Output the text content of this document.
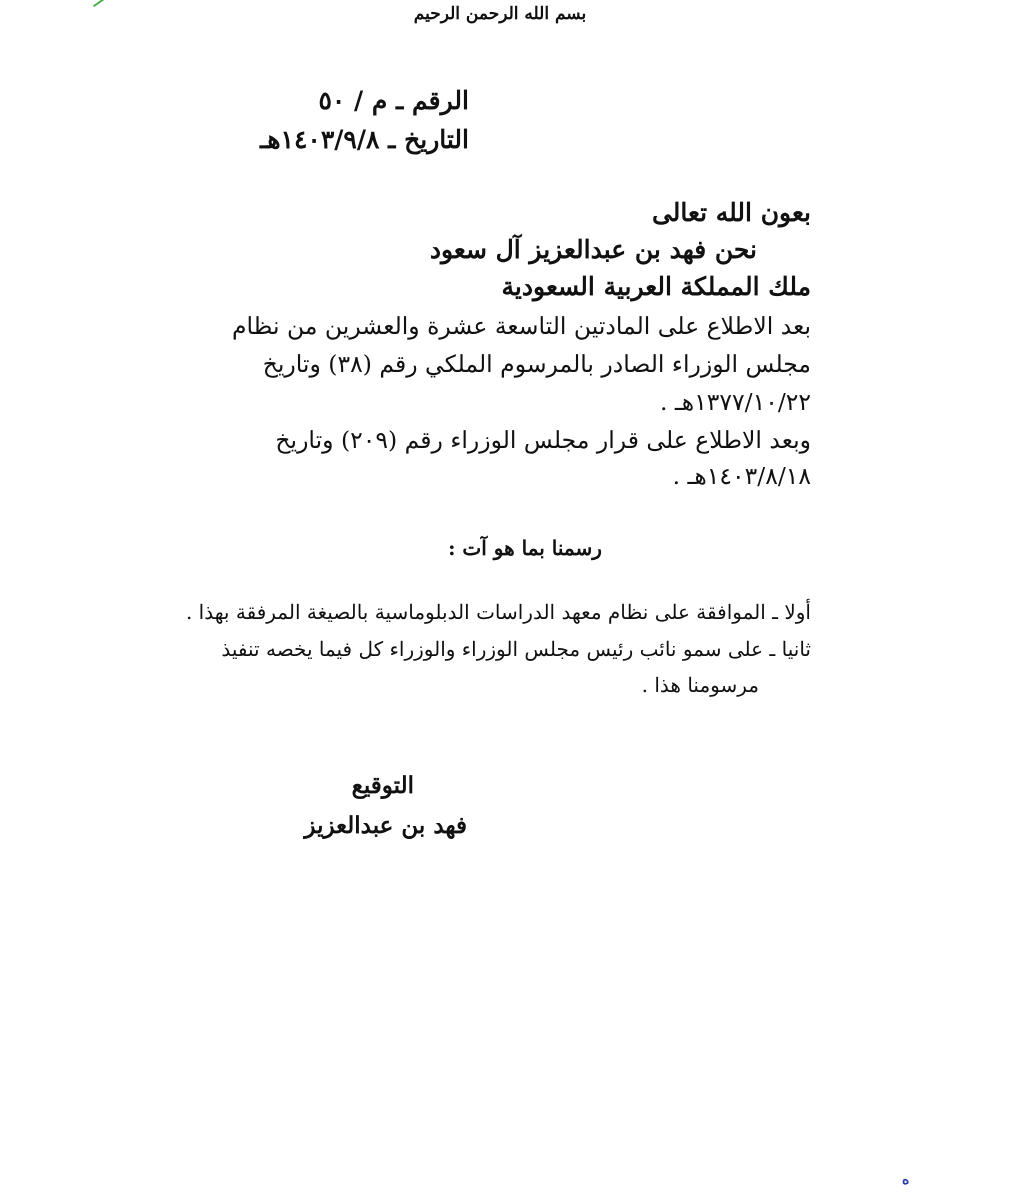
بسم الله الرحمن الرحيم
الرقم ـ م / ٥٠
التاريخ ـ ١٤٠٣/٩/٨هـ
بعون الله تعالى
نحن فهد بن عبدالعزيز آل سعود
ملك المملكة العربية السعودية
بعد الاطلاع على المادتين التاسعة عشرة والعشرين من نظام
مجلس الوزراء الصادر بالمرسوم الملكي رقم (٣٨) وتاريخ
١٣٧٧/١٠/٢٢هـ .
وبعد الاطلاع على قرار مجلس الوزراء رقم (٢٠٩) وتاريخ
١٤٠٣/٨/١٨هـ .
رسمنا بما هو آت :
أولا ـ الموافقة على نظام معهد الدراسات الدبلوماسية بالصيغة المرفقة بهذا .
ثانيا ـ على سمو نائب رئيس مجلس الوزراء والوزراء كل فيما يخصه تنفيذ
مرسومنا هذا .
التوقيع
فهد بن عبدالعزيز
ه
